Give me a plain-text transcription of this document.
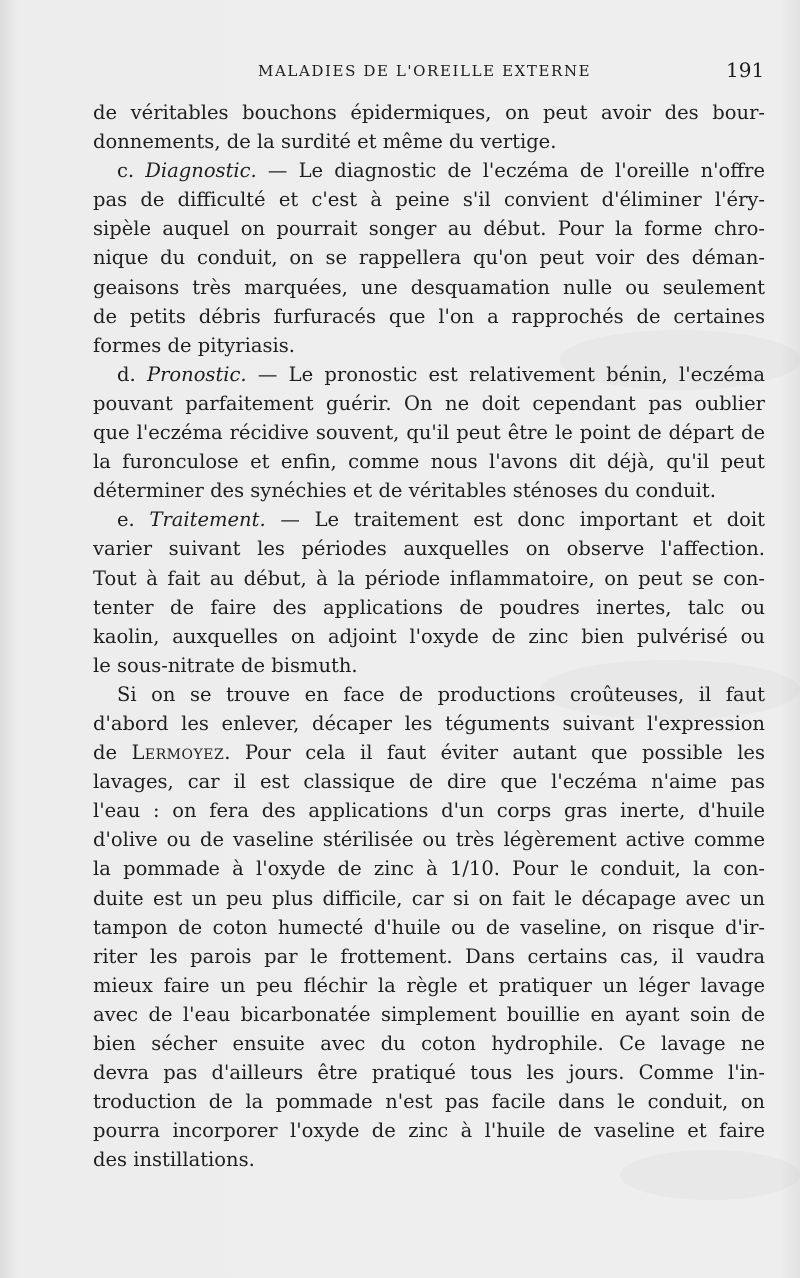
MALADIES DE L'OREILLE EXTERNE	191
de véritables bouchons épidermiques, on peut avoir des bour-
donnements, de la surdité et même du vertige.
c. Diagnostic. — Le diagnostic de l'eczéma de l'oreille n'offre
pas de difficulté et c'est à peine s'il convient d'éliminer l'éry-
sipèle auquel on pourrait songer au début. Pour la forme chro-
nique du conduit, on se rappellera qu'on peut voir des déman-
geaisons très marquées, une desquamation nulle ou seulement
de petits débris furfuracés que l'on a rapprochés de certaines
formes de pityriasis.
d. Pronostic. — Le pronostic est relativement bénin, l'eczéma
pouvant parfaitement guérir. On ne doit cependant pas oublier
que l'eczéma récidive souvent, qu'il peut être le point de départ de
la furonculose et enfin, comme nous l'avons dit déjà, qu'il peut
déterminer des synéchies et de véritables sténoses du conduit.
e. Traitement. — Le traitement est donc important et doit
varier suivant les périodes auxquelles on observe l'affection.
Tout à fait au début, à la période inflammatoire, on peut se con-
tenter de faire des applications de poudres inertes, talc ou
kaolin, auxquelles on adjoint l'oxyde de zinc bien pulvérisé ou
le sous-nitrate de bismuth.
Si on se trouve en face de productions croûteuses, il faut
d'abord les enlever, décaper les téguments suivant l'expression
de Lermoyez. Pour cela il faut éviter autant que possible les
lavages, car il est classique de dire que l'eczéma n'aime pas
l'eau : on fera des applications d'un corps gras inerte, d'huile
d'olive ou de vaseline stérilisée ou très légèrement active comme
la pommade à l'oxyde de zinc à 1/10. Pour le conduit, la con-
duite est un peu plus difficile, car si on fait le décapage avec un
tampon de coton humecté d'huile ou de vaseline, on risque d'ir-
riter les parois par le frottement. Dans certains cas, il vaudra
mieux faire un peu fléchir la règle et pratiquer un léger lavage
avec de l'eau bicarbonatée simplement bouillie en ayant soin de
bien sécher ensuite avec du coton hydrophile. Ce lavage ne
devra pas d'ailleurs être pratiqué tous les jours. Comme l'in-
troduction de la pommade n'est pas facile dans le conduit, on
pourra incorporer l'oxyde de zinc à l'huile de vaseline et faire
des instillations.
